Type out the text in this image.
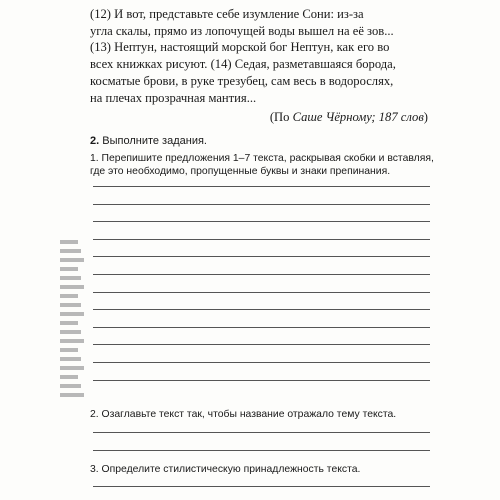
(12) И вот, представьте себе изумление Сони: из-за

угла скалы, прямо из лопочущей воды вышел на её зов...

(13) Нептун, настоящий морской бог Нептун, как его во

всех книжках рисуют. (14) Седая, разметавшаяся борода,

косматые брови, в руке трезубец, сам весь в водорослях,

на плечах прозрачная мантия...

(По Саше Чёрному; 187 слов)
2. Выполните задания.
1. Перепишите предложения 1–7 текста, раскрывая скобки и вставляя,
где это необходимо, пропущенные буквы и знаки препинания.
2. Озаглавьте текст так, чтобы название отражало тему текста.
3. Определите стилистическую принадлежность текста.
